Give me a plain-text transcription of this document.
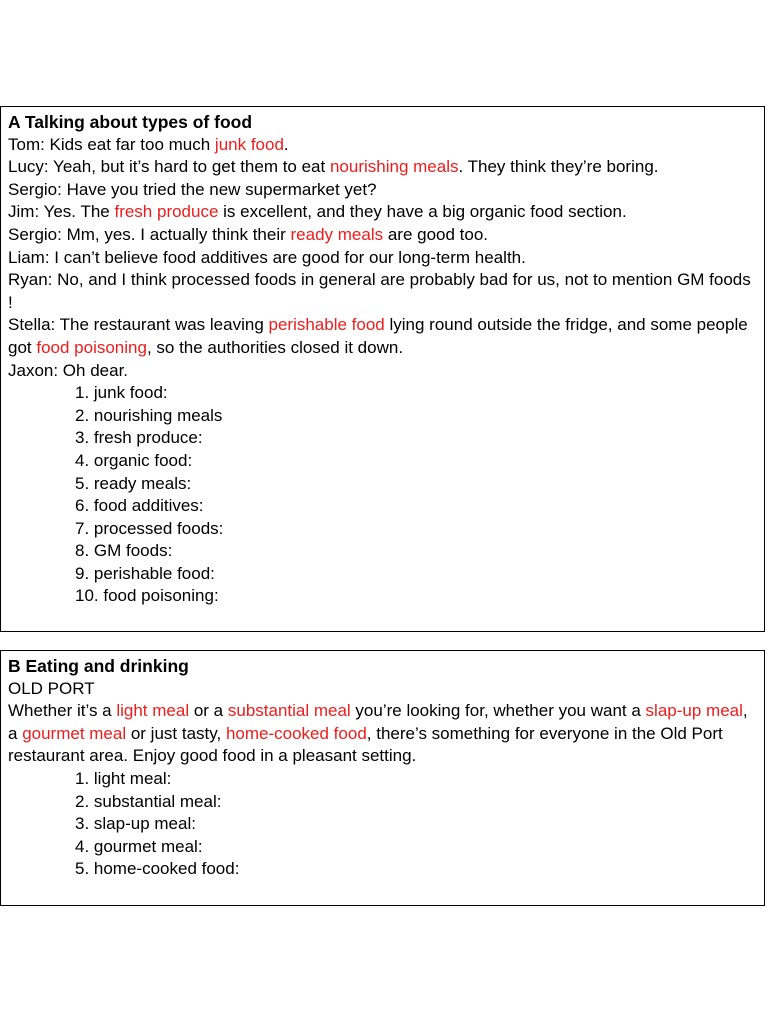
A Talking about types of food
Tom: Kids eat far too much junk food.
Lucy: Yeah, but it’s hard to get them to eat nourishing meals. They think they’re boring.
Sergio: Have you tried the new supermarket yet?
Jim: Yes. The fresh produce is excellent, and they have a big organic food section.
Sergio: Mm, yes. I actually think their ready meals are good too.
Liam: I can’t believe food additives are good for our long-term health.
Ryan: No, and I think processed foods in general are probably bad for us, not to mention GM foods !
Stella: The restaurant was leaving perishable food lying round outside the fridge, and some people got food poisoning, so the authorities closed it down.
Jaxon: Oh dear.
1. junk food:
2. nourishing meals
3. fresh produce:
4. organic food:
5. ready meals:
6. food additives:
7. processed foods:
8. GM foods:
9. perishable food:
10. food poisoning:
B Eating and drinking
OLD PORT
Whether it’s a light meal or a substantial meal you’re looking for, whether you want a slap-up meal, a gourmet meal or just tasty, home-cooked food, there’s something for everyone in the Old Port restaurant area. Enjoy good food in a pleasant setting.
1. light meal:
2. substantial meal:
3. slap-up meal:
4. gourmet meal:
5. home-cooked food:
